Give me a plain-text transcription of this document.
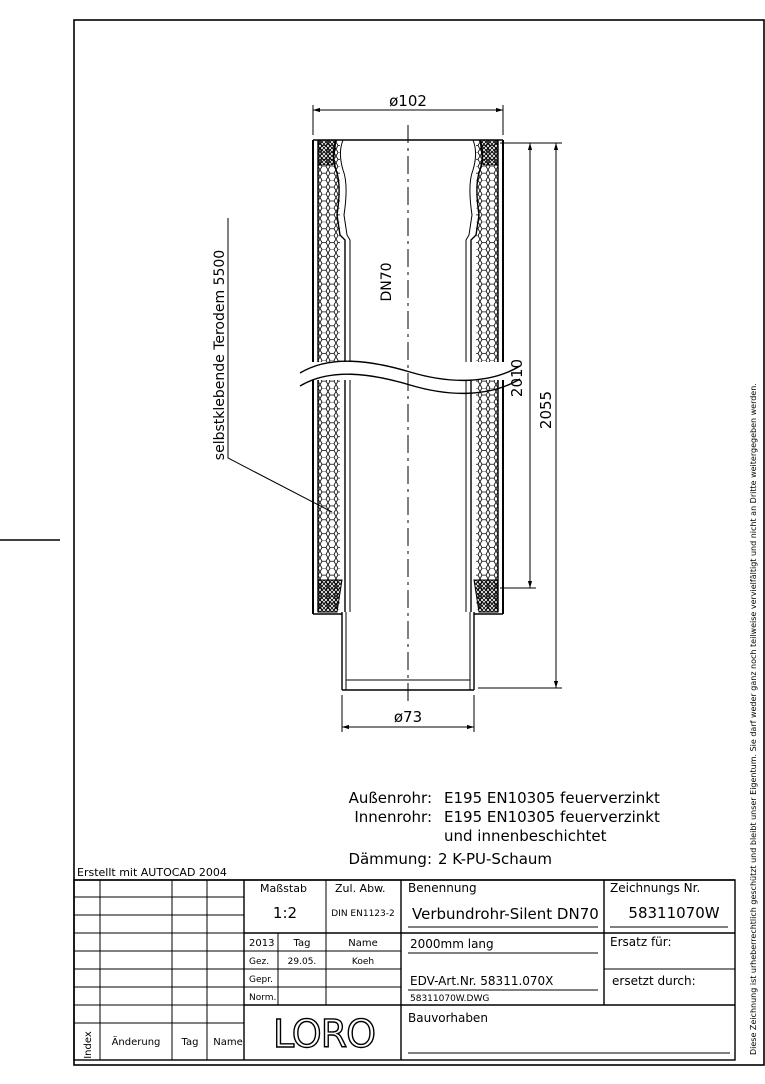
ø102
ø73
2010
2055
DN70
selbstklebende Terodem 5500
Außenrohr: E195 EN10305 feuerverzinkt
Innenrohr: E195 EN10305 feuerverzinkt
und innenbeschichtet
Dämmung: 2 K-PU-Schaum	Diese Zeichnung ist urheberrechtlich geschützt und bleibt unser Eigentum. Sie darf weder ganz noch teilweise vervielfältigt und nicht an Dritte weitergegeben werden.
Erstellt mit AUTOCAD 2004
Index Änderung Tag Name
Maßstab
1:2
Zul. Abw.
DIN EN1123-2
2013 Tag	Name
Gez. 29.05.	Koeh
Gepr.
Norm.
LORO
Benennung
Verbundrohr-Silent DN70
2000mm lang
EDV-Art.Nr. 58311.070X
58311070W.DWG
Bauvorhaben
Zeichnungs Nr.
58311070W
Ersatz für:
ersetzt durch:
